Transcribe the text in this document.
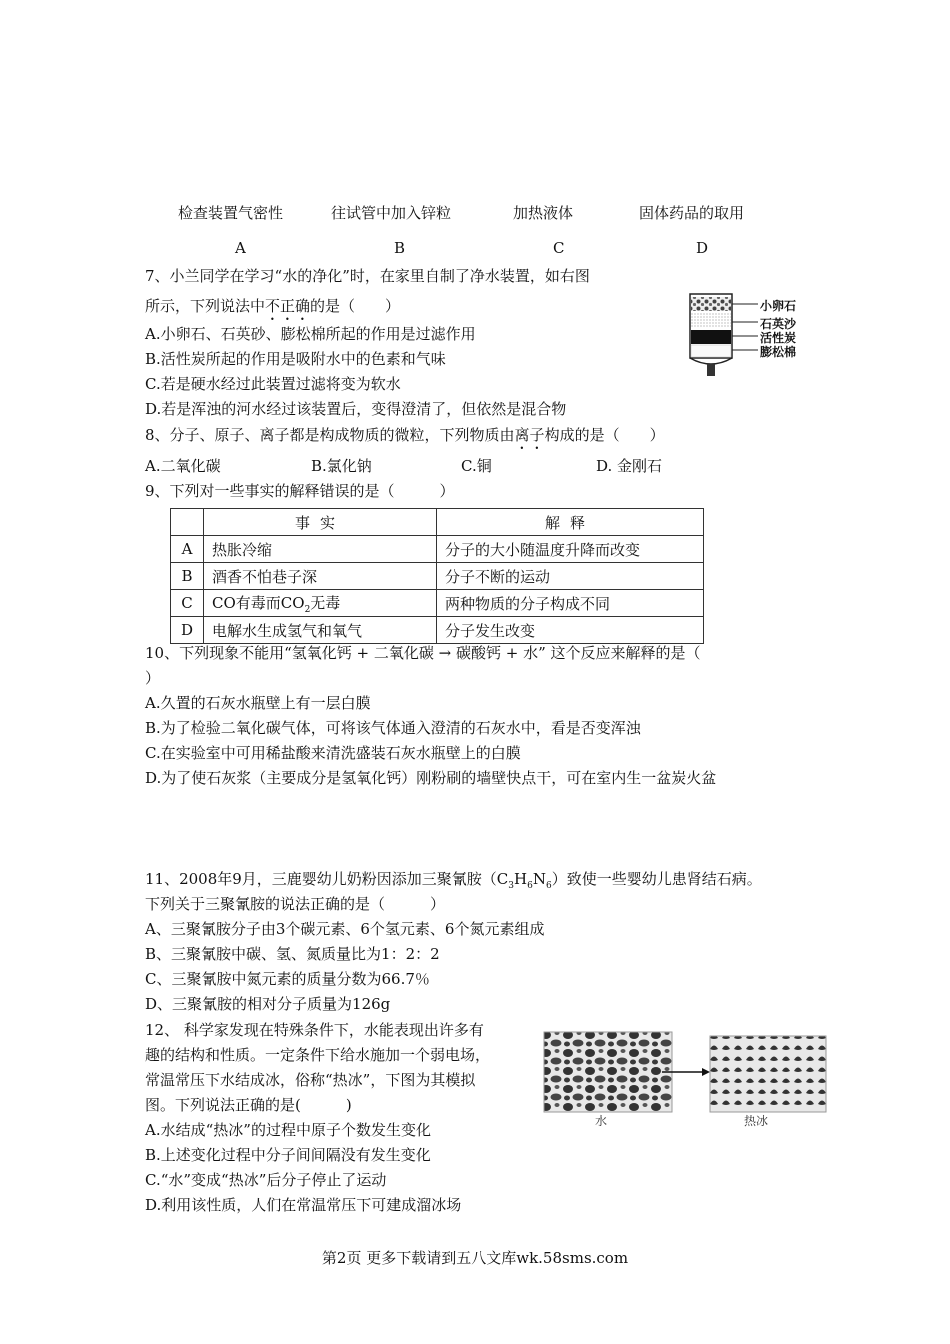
检查装置气密性	往试管中加入锌粒	加热液体	固体药品的取用
A	B	C	D
7、小兰同学在学习“水的净化”时，在家里自制了净水装置，如右图
所示，下列说法中不正确的是（　　）
A.小卵石、石英砂、膨松棉所起的作用是过滤作用
B.活性炭所起的作用是吸附水中的色素和气味
C.若是硬水经过此装置过滤将变为软水
D.若是浑浊的河水经过该装置后，变得澄清了，但依然是混合物
小卵石
石英沙
活性炭
膨松棉
8、分子、原子、离子都是构成物质的微粒，下列物质由离子构成的是（　　）
A.二氧化碳	B.氯化钠	C.铜	D. 金刚石
9、下列对一些事实的解释错误的是（　　　）
	事实	解释
A	热胀冷缩	分子的大小随温度升降而改变
B	酒香不怕巷子深	分子不断的运动
C	CO有毒而$CO_2$无毒	两种物质的分子构成不同
D	电解水生成氢气和氧气	分子发生改变
10、下列现象不能用“氢氧化钙 + 二氧化碳 → 碳酸钙 + 水” 这个反应来解释的是（
）
A.久置的石灰水瓶壁上有一层白膜
B.为了检验二氧化碳气体，可将该气体通入澄清的石灰水中，看是否变浑浊
C.在实验室中可用稀盐酸来清洗盛装石灰水瓶壁上的白膜
D.为了使石灰浆（主要成分是氢氧化钙）刚粉刷的墙壁快点干，可在室内生一盆炭火盆
11、2008年9月，三鹿婴幼儿奶粉因添加三聚氰胺$(C_3H_6N_6)$致使一些婴幼儿患肾结石病。
下列关于三聚氰胺的说法正确的是（　　　）
A、三聚氰胺分子由3个碳元素、6个氢元素、6个氮元素组成
B、三聚氰胺中碳、氢、氮质量比为1：2：2
C、三聚氰胺中氮元素的质量分数为66.7％
D、三聚氰胺的相对分子质量为126g
12、 科学家发现在特殊条件下，水能表现出许多有
趣的结构和性质。一定条件下给水施加一个弱电场，
常温常压下水结成冰，俗称“热冰”，下图为其模拟
图。下列说法正确的是(　　　)
A.水结成“热冰”的过程中原子个数发生变化
B.上述变化过程中分子间间隔没有发生变化
C.“水”变成“热冰”后分子停止了运动
D.利用该性质，人们在常温常压下可建成溜冰场
水	热冰
第2页 更多下载请到五八文库wk.58sms.com
